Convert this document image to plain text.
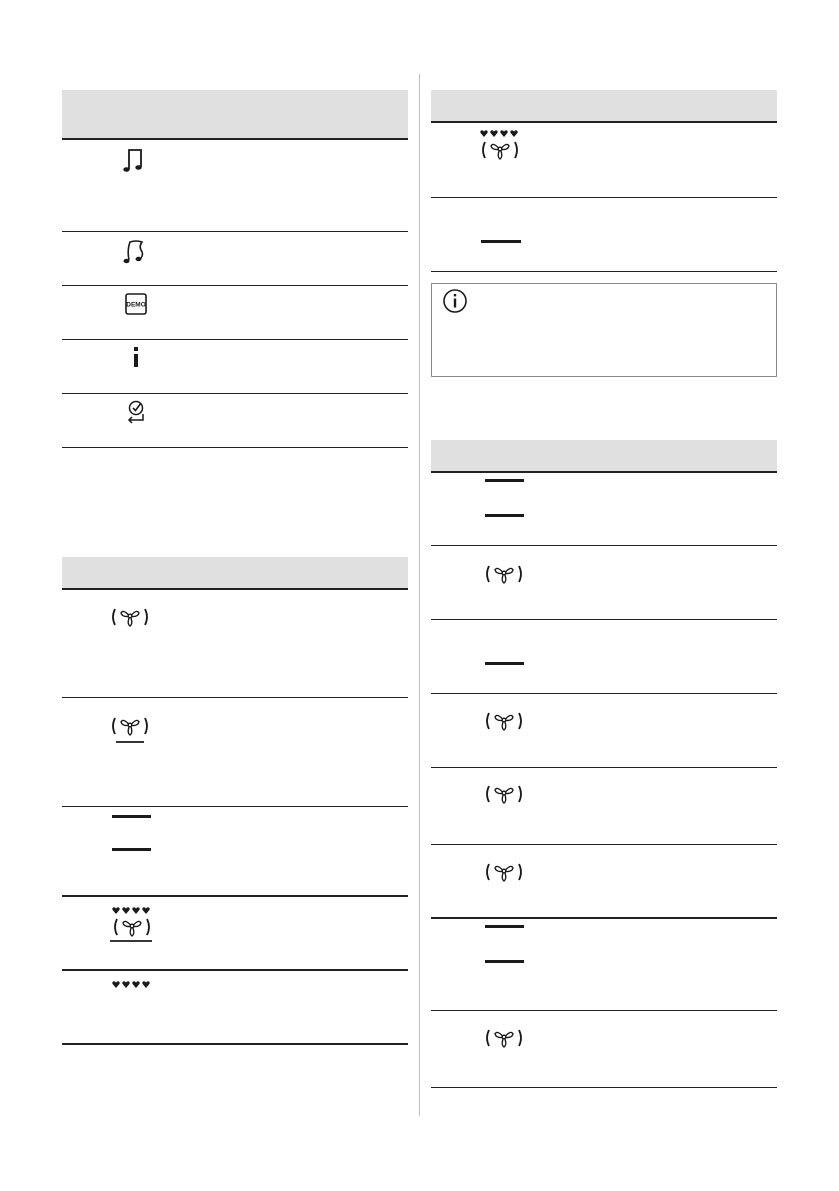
DEMO
